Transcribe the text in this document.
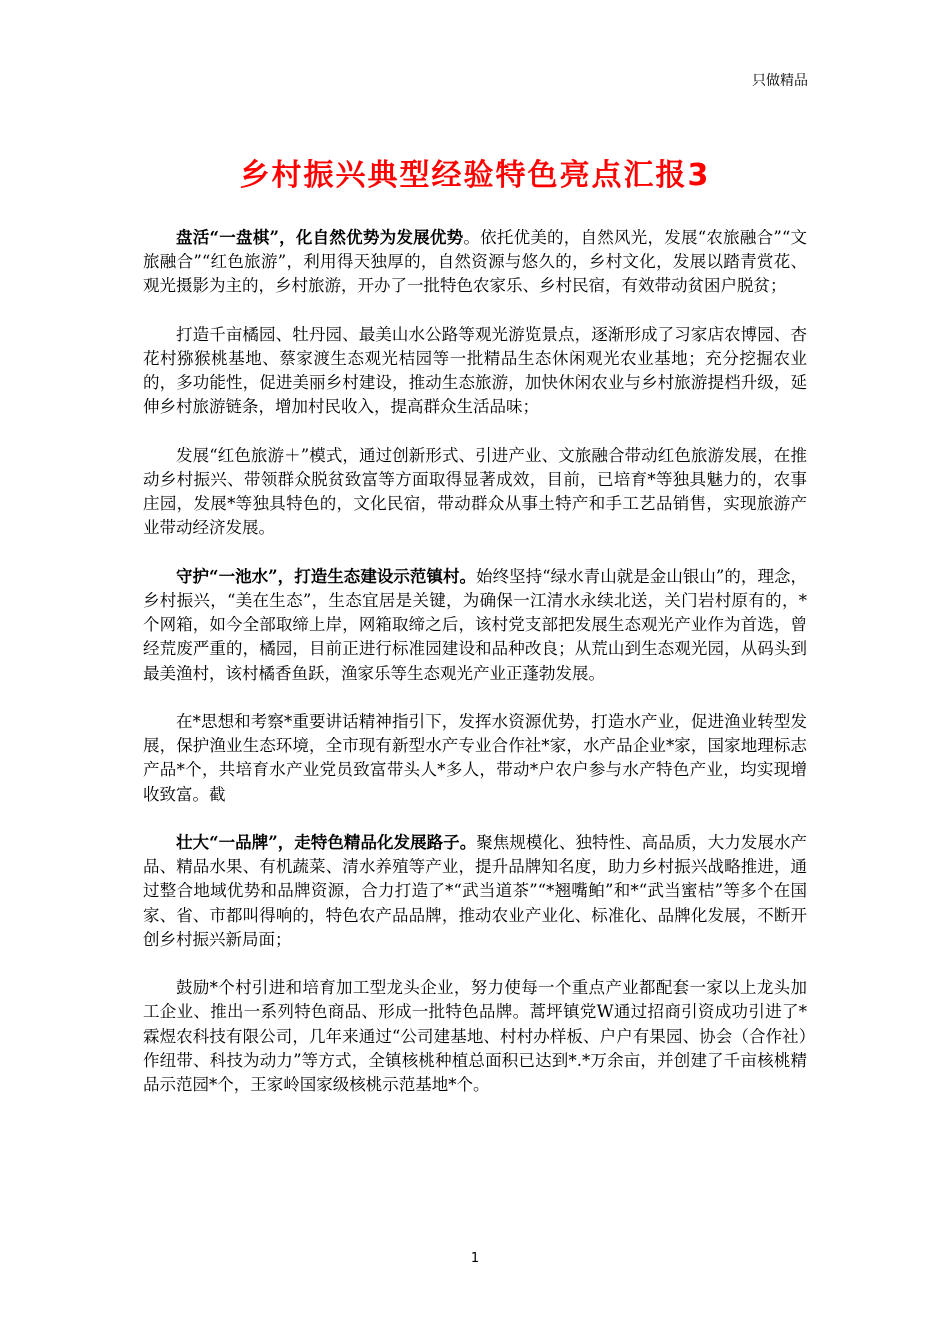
只做精品
乡村振兴典型经验特色亮点汇报3

盘活“一盘棋”，化自然优势为发展优势。依托优美的，自然风光，发展“农旅融合”“文旅融合”“红色旅游”，利用得天独厚的，自然资源与悠久的，乡村文化，发展以踏青赏花、观光摄影为主的，乡村旅游，开办了一批特色农家乐、乡村民宿，有效带动贫困户脱贫；

打造千亩橘园、牡丹园、最美山水公路等观光游览景点，逐渐形成了习家店农博园、杏花村猕猴桃基地、蔡家渡生态观光桔园等一批精品生态休闲观光农业基地；充分挖掘农业的，多功能性，促进美丽乡村建设，推动生态旅游，加快休闲农业与乡村旅游提档升级，延伸乡村旅游链条，增加村民收入，提高群众生活品味；

发展“红色旅游＋”模式，通过创新形式、引进产业、文旅融合带动红色旅游发展，在推动乡村振兴、带领群众脱贫致富等方面取得显著成效，目前，已培育*等独具魅力的，农事庄园，发展*等独具特色的，文化民宿，带动群众从事土特产和手工艺品销售，实现旅游产业带动经济发展。

守护“一池水”，打造生态建设示范镇村。始终坚持“绿水青山就是金山银山”的，理念，乡村振兴，“美在生态”，生态宜居是关键，为确保一江清水永续北送，关门岩村原有的，*个网箱，如今全部取缔上岸，网箱取缔之后，该村党支部把发展生态观光产业作为首选，曾经荒废严重的，橘园，目前正进行标准园建设和品种改良；从荒山到生态观光园，从码头到最美渔村，该村橘香鱼跃，渔家乐等生态观光产业正蓬勃发展。

在*思想和考察*重要讲话精神指引下，发挥水资源优势，打造水产业，促进渔业转型发展，保护渔业生态环境，全市现有新型水产专业合作社*家，水产品企业*家，国家地理标志产品*个，共培育水产业党员致富带头人*多人，带动*户农户参与水产特色产业，均实现增收致富。截

壮大“一品牌”，走特色精品化发展路子。聚焦规模化、独特性、高品质，大力发展水产品、精品水果、有机蔬菜、清水养殖等产业，提升品牌知名度，助力乡村振兴战略推进，通过整合地域优势和品牌资源，合力打造了*“武当道茶”“*翘嘴鲌”和*“武当蜜桔”等多个在国家、省、市都叫得响的，特色农产品品牌，推动农业产业化、标准化、品牌化发展，不断开创乡村振兴新局面；

鼓励*个村引进和培育加工型龙头企业，努力使每一个重点产业都配套一家以上龙头加工企业、推出一系列特色商品、形成一批特色品牌。蒿坪镇党W通过招商引资成功引进了*霖煜农科技有限公司，几年来通过“公司建基地、村村办样板、户户有果园、协会（合作社）作纽带、科技为动力”等方式，全镇核桃种植总面积已达到*.*万余亩，并创建了千亩核桃精品示范园*个，王家岭国家级核桃示范基地*个。

1
